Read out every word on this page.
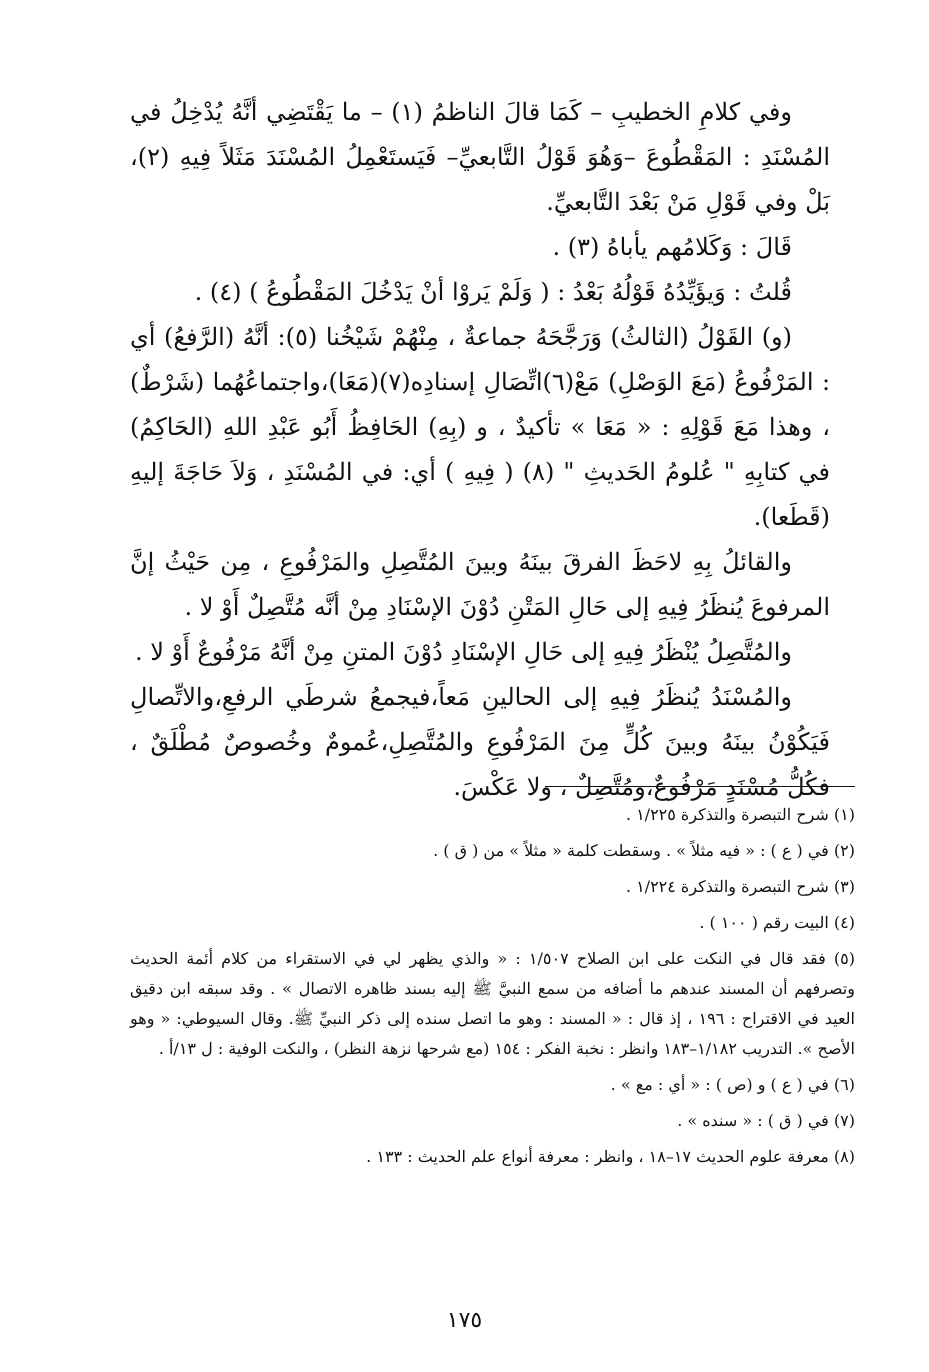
وفي كلامِ الخطيبِ – كَمَا قالَ الناظمُ (١) – ما يَقْتَضِي أنَّهُ يُدْخِلُ في المُسْنَدِ : المَقْطُوعَ –وَهُوَ قَوْلُ التَّابعيِّ– فَيَستَعْمِلُ المُسْنَدَ مَثَلاً فِيهِ (٢)، بَلْ وفي قَوْلِ مَنْ بَعْدَ التَّابعيِّ.

قَالَ : وَكَلامُهم يأباهُ (٣) .

قُلتُ : وَيؤَيِّدُهُ قَوْلُهُ بَعْدُ : ( وَلَمْ يَروْا أنْ يَدْخُلَ المَقْطُوعُ ) (٤) .

(و) القَوْلُ (الثالثُ) وَرَجَّحَهُ جماعةٌ ، مِنْهُمْ شَيْخُنا (٥): أنَّهُ (الرَّفعُ) أي : المَرْفُوعُ (مَعَ الوَصْلِ) مَعْ(٦)اتِّصَالِ إسنادِه(٧)(مَعَا)،واجتماعُهُما (شَرْطٌ) ، وهذا مَعَ قَوْلِهِ : « مَعَا » تأكيدٌ ، و (بِهِ) الحَافِظُ أَبُو عَبْدِ اللهِ (الحَاكِمُ) في كتابِهِ " عُلومُ الحَديثِ " (٨) ( فِيهِ ) أي: في المُسْنَدِ ، وَلاَ حَاجَةَ إليهِ (قَطَعا).

والقائلُ بِهِ لاحَظَ الفرقَ بينَهُ وبينَ المُتَّصِلِ والمَرْفُوعِ ، مِن حَيْثُ إنَّ المرفوعَ يُنظَرُ فِيهِ إلى حَالِ المَتْنِ دُوْنَ الإسْنَادِ مِنْ أنَّه مُتَّصِلٌ أَوْ لا .

والمُتَّصِلُ يُنْظَرُ فِيهِ إلى حَالِ الإسْنَادِ دُوْنَ المتنِ مِنْ أنَّهُ مَرْفُوعٌ أَوْ لا .

والمُسْنَدُ يُنظَرُ فِيهِ إلى الحالينِ مَعاً،فيجمعُ شرطَي الرفعِ،والاتِّصالِ فَيَكُوْنُ بينَهُ وبينَ كُلٍّ مِنَ المَرْفُوعِ والمُتَّصِلِ،عُمومٌ وخُصوصٌ مُطْلَقٌ ، فكُلُّ مُسْنَدٍ مَرْفُوعٌ،ومُتَّصِلٌ ، ولا عَكْسَ.

(١) شرح التبصرة والتذكرة ١/٢٢٥ .

(٢) في ( ع ) : « فيه مثلاً » . وسقطت كلمة « مثلاً » من ( ق ) .

(٣) شرح التبصرة والتذكرة ١/٢٢٤ .

(٤) البيت رقم ( ١٠٠ ) .

(٥) فقد قال في النكت على ابن الصلاح ١/٥٠٧ : « والذي يظهر لي في الاستقراء من كلام أئمة الحديث وتصرفهم أن المسند عندهم ما أضافه من سمع النبيَّ ﷺ إليه بسند ظاهره الاتصال » . وقد سبقه ابن دقيق العيد في الاقتراح : ١٩٦ ، إذ قال : « المسند : وهو ما اتصل سنده إلى ذكر النبيِّ ﷺ. وقال السيوطي: « وهو الأصح ». التدريب ١/١٨٢–١٨٣ وانظر : نخبة الفكر : ١٥٤ (مع شرحها نزهة النظر) ، والنكت الوفية : ل ١٣/أ .

(٦) في ( ع ) و (ص ) : « أي : مع » .

(٧) في ( ق ) : « سنده » .

(٨) معرفة علوم الحديث ١٧–١٨ ، وانظر : معرفة أنواع علم الحديث : ١٣٣ .

١٧٥
